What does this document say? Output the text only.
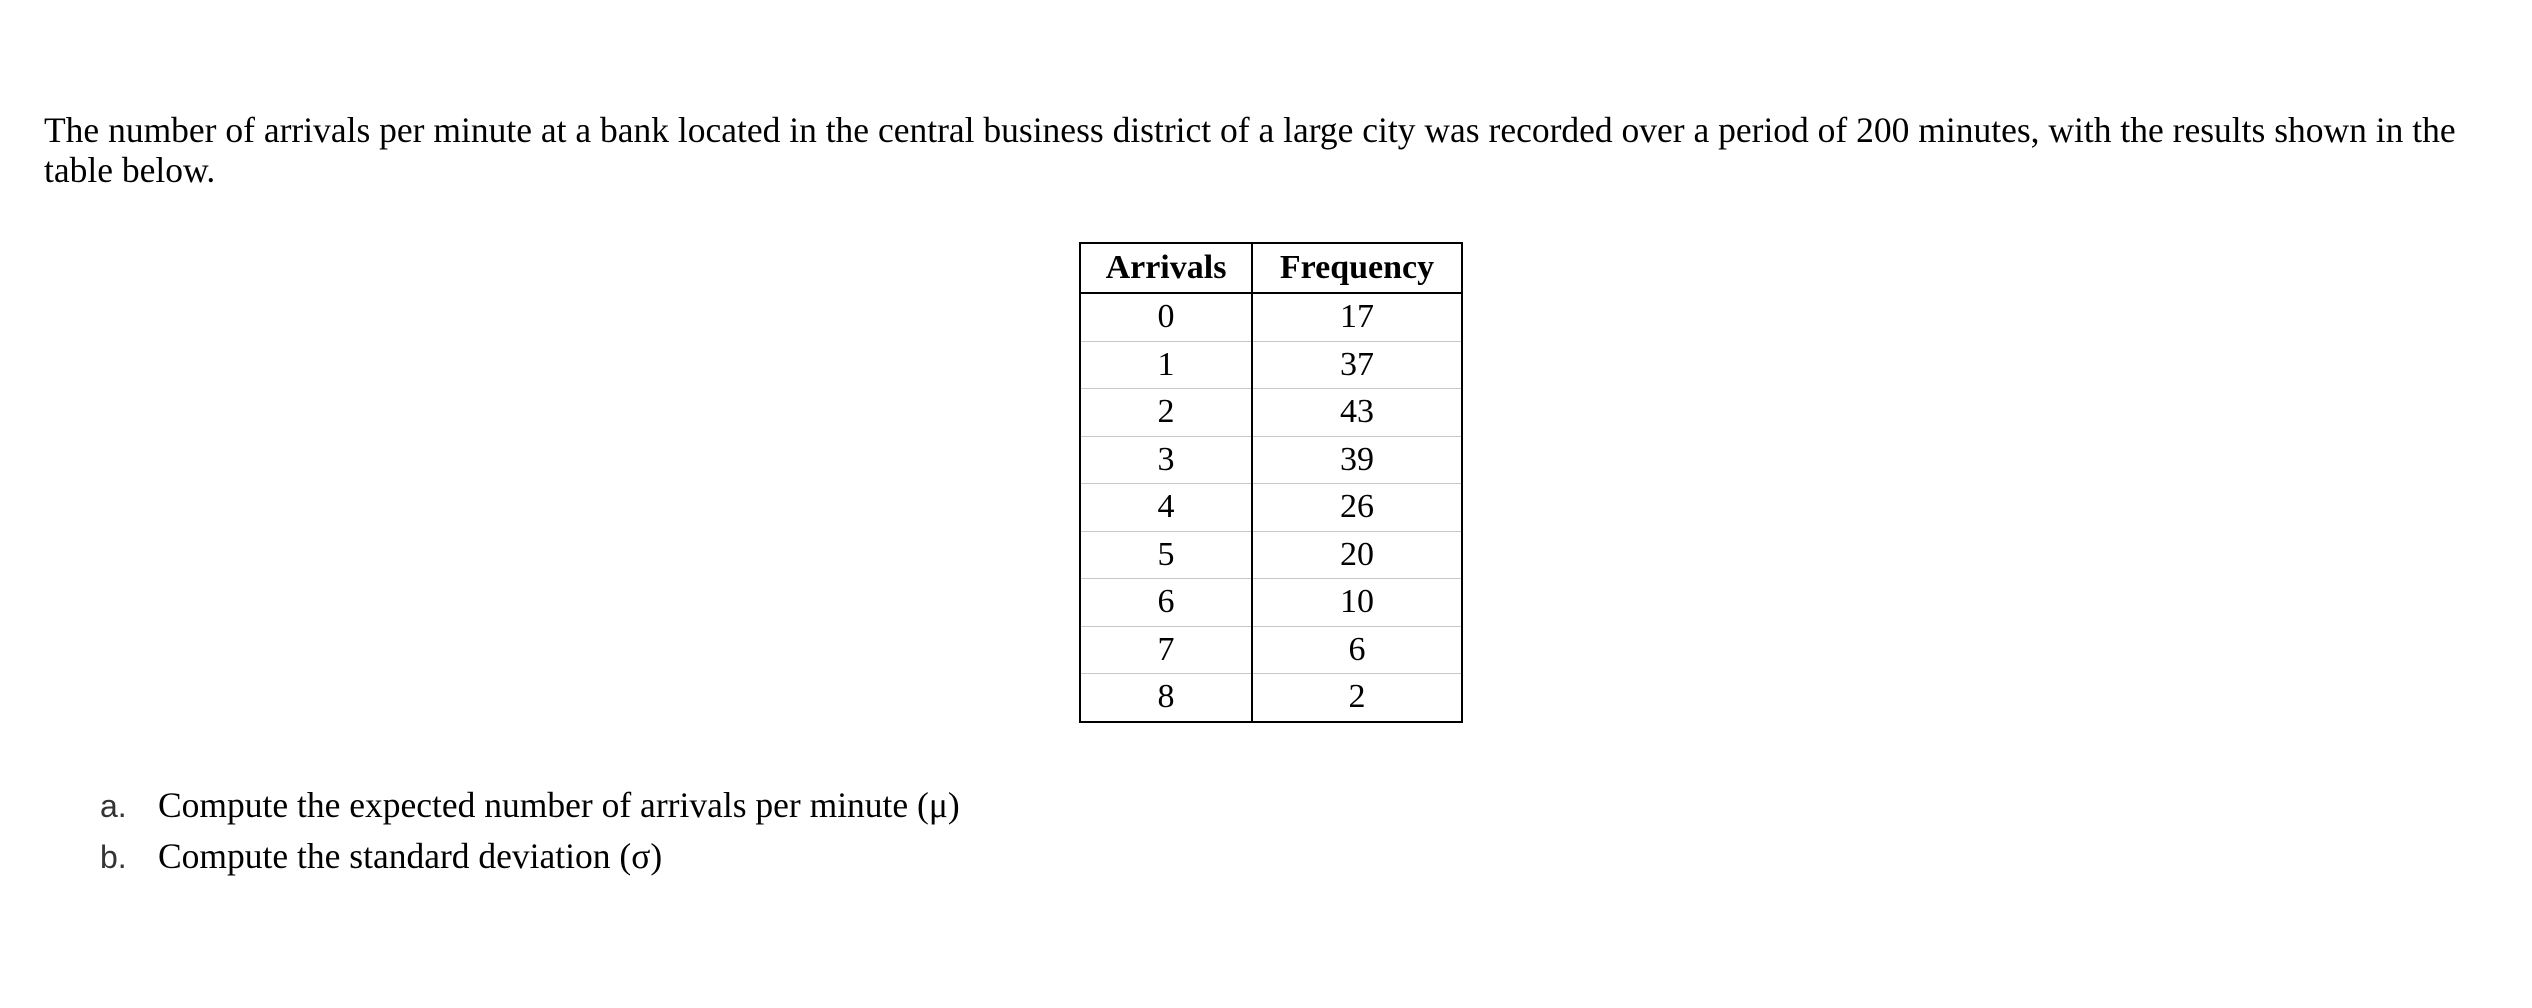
The number of arrivals per minute at a bank located in the central business district of a large city was recorded over a period of 200 minutes, with the results shown in the table below.

Arrivals	Frequency
0	17
1	37
2	43
3	39
4	26
5	20
6	10
7	6
8	2
a. Compute the expected number of arrivals per minute (μ)
b. Compute the standard deviation (σ)
